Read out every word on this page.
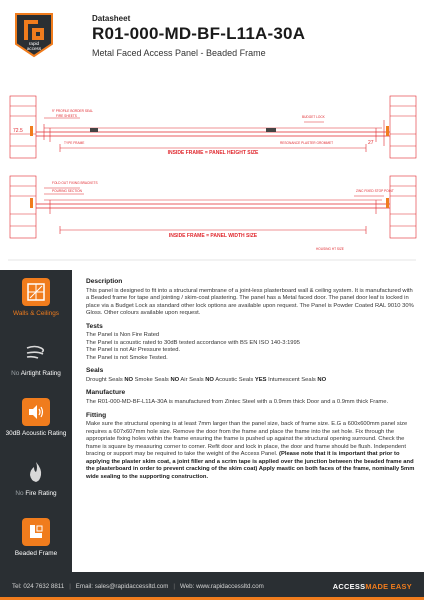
rapid
access
Datasheet
R01-000-MD-BF-L11A-30A
Metal Faced Access Panel - Beaded Frame
72.5
9" PROFILE BORDER SEAL
FIRE SHEETS	BUDGET LOCK
TYPE FRAME	RESONANCE PLASTER GROMMET	27
INSIDE FRAME = PANEL HEIGHT SIZE
FOLD OUT FIXING BRACKETS
POURING SECTION	ZINC FIXED STOP POINT
INSIDE FRAME = PANEL WIDTH SIZE
HOUSING HT SIZE
Walls & Ceilings
No Airtight Rating
30dB Acoustic Rating
No Fire Rating
Beaded Frame
Description

This panel is designed to fit into a structural membrane of a joint-less plasterboard wall & ceiling system. It is manufactured with a Beaded frame for tape and jointing / skim-coat plastering. The panel has a Metal faced door. The panel door leaf is locked in place via a Budget Lock as standard other lock options are available upon request. The Panel is Powder Coated RAL 9010 30% Gloss. Other colours available upon request.

Tests

The Panel is Non Fire Rated

The Panel is acoustic rated to 30dB tested accordance with BS EN ISO 140-3:1995

The Panel is not Air Pressure tested.

The Panel is not Smoke Tested.

Seals

Drought Seals NO Smoke Seals NO Air Seals NO Acoustic Seals YES Intumescent Seals NO

Manufacture

The R01-000-MD-BF-L11A-30A is manufactured from Zintec Steel with a 0.9mm thick Door and a 0.9mm thick Frame.

Fitting

Make sure the structural opening is at least 7mm larger than the panel size, back of frame size. E.G a 600x600mm panel size requires a 607x607mm hole size. Remove the door from the frame and place the frame into the set hole. Fix through the appropriate fixing holes within the frame ensuring the frame is pushed up against the structural opening surround. Check the frame is square by measuring corner to corner. Refit door and lock in place, the door and frame should be flush. Independent bracing or support may be required to take the weight of the Access Panel. (Please note that it is important that prior to applying the plaster skim coat, a joint filler and a scrim tape is applied over the junction between the beaded frame and the plasterboard in order to prevent cracking of the skim coat) Apply mastic on both faces of the frame, nominally 5mm wide sealing to the supporting construction.

Tel: 024 7632 8811 | Email: sales@rapidaccessltd.com | Web: www.rapidaccessltd.com	ACCESSMADE EASY
